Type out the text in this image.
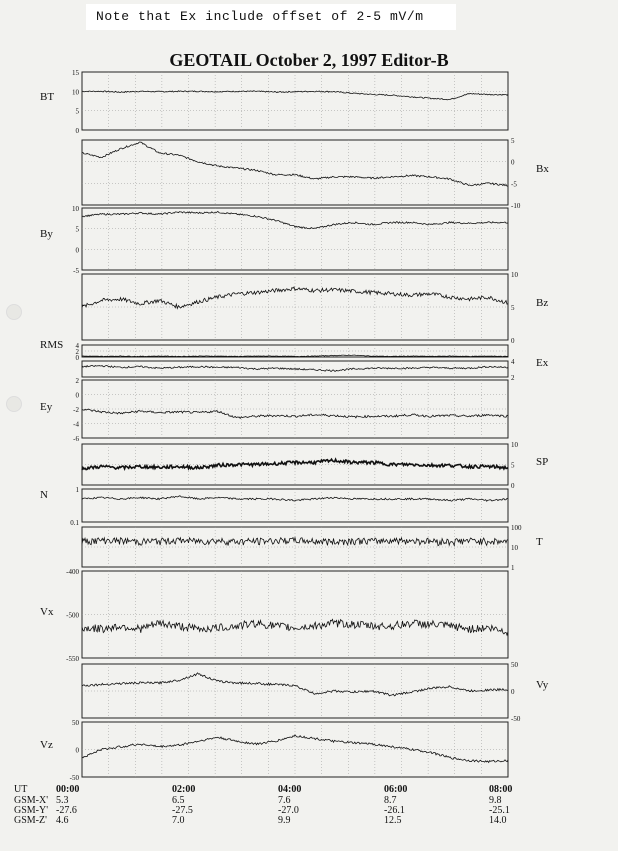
Note that Ex include offset of 2-5 mV/m
GEOTAIL October 2, 1997 Editor-B
15
10
5
0
BT
5
0
-5
-10
Bx
10
5
0
-5
By
10
5
0
Bz
4
2
0
RMS
4
2
Ex
2
0
-2
-4
-6
Ey
10
5
0
SP
1
0.1
N
100
10
1
T
-400
-500
-550
Vx
50
0
-50
Vy
50
0
-50
Vz
UT	00:00	02:00	04:00	06:00	08:00
GSM-X' 5.3	6.5	7.6	8.7	9.8
GSM-Y' -27.6	-27.5	-27.0	-26.1	-25.1
GSM-Z' 4.6	7.0	9.9	12.5	14.0
